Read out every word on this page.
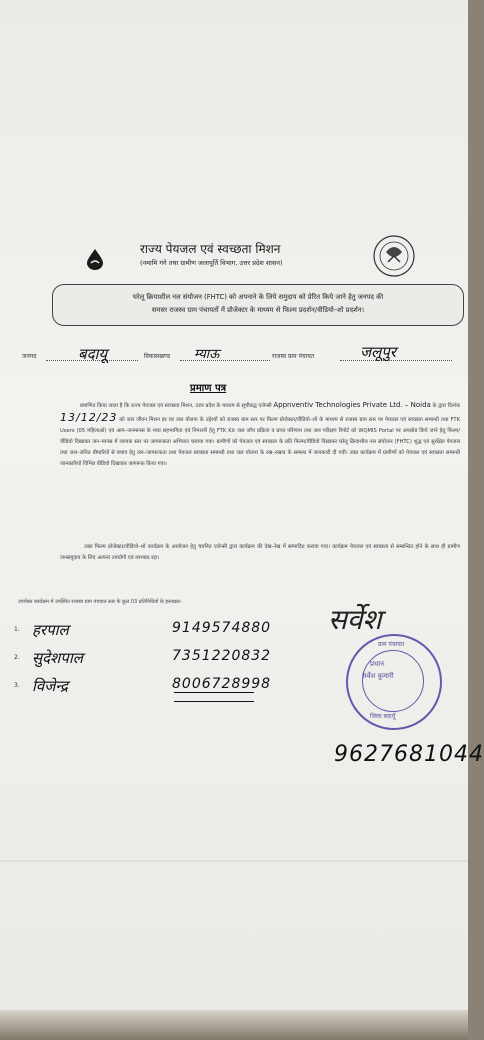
राज्य पेयजल एवं स्वच्छता मिशन
(नमामि गंगे तथा ग्रामीण जलापूर्ति विभाग, उत्तर प्रदेश शासन)
घरेलू क्रियाशील नल संयोजन (FHTC) को अपनाने के लिये समुदाय को प्रेरित किये जाने हेतु जनपद की
समस्त राजस्व ग्राम पंचायतों में प्रोजेक्टर के माध्यम से फिल्म प्रदर्शन/वीडियो–शो प्रदर्शन।
जनपद	बदायू	विकासखण्ड म्याऊ	राजस्व ग्राम पंचायत	जलूपुर
प्रमाण पत्र
प्रमाणित किया जाता है कि राज्य पेयजल एवं स्वच्छता मिशन, उत्तर प्रदेश के माध्यम से सूचीबद्ध एजेन्सी Appnventiv Technologies Private Ltd. – Noida के द्वारा दिनांक 13/12/23 को जल जीवन मिशन हर घर जल योजना के उद्देश्यों को राजस्व ग्राम स्तर पर फिल्म प्रोजेक्टर/वीडियो–शो के माध्यम से राजस्व ग्राम स्तर पर पेयजल एवं स्वच्छता सम्बन्धी तथा FTK Users (05 महिलाओं) एवं आम–जनमानस के मध्य सहभागिता एवं निगरानी हेतु FTK Kit जल जाँच प्रक्रिया व प्राप्त परिणाम तथा जल परीक्षण रिपोर्ट को WQMIS Portal पर अपलोड किये जाने हेतु फिल्म/वीडियो दिखाकर जन–मानस में व्यापक स्तर पर जागरूकता अभियान चलाया गया। ग्रामीणों को पेयजल एवं स्वच्छता के प्रति फिल्म/वीडियो दिखाकर घरेलू क्रियाशील नल संयोजन (FHTC) शुद्ध एवं सुरक्षित पेयजल तथा जल–जनित बीमारियों से बचाव हेतु जन–जागरूकता तथा पेयजल स्वच्छता सम्बन्धी तथा जल योजना के रख–रखाव के सम्बन्ध में जानकारी दी गयी। उक्त कार्यक्रम में ग्रामीणों को पेयजल एवं स्वच्छता सम्बन्धी जानकारियों विभिन्न वीडियो दिखाकर जागरूक किया गया।
उक्त फिल्म प्रोजेक्टर/वीडियो–शो कार्यक्रम के आयोजन हेतु चयनित एजेन्सी द्वारा कार्यक्रम की देख–रेख में सम्पादित कराया गया। कार्यक्रम पेयजल एवं स्वच्छता से सम्बन्धित होने के साथ ही ग्रामीण जनसमुदाय के लिए अत्यन्त उपयोगी एवं लाभप्रद रहा।
उपरोक्त कार्यक्रम में उपस्थित राजस्व ग्राम पंचायत स्तर के कुल 03 प्रतिनिधियों के हस्ताक्षर–
1. हरपाल	9149574880
2. सुदेशपाल	7351220832
3. विजेन्द्र	8006728998
सर्वेश
ग्राम पंचायत
प्रधान
सर्वेश कुमारी
जिला बदायूँ
9627681044
